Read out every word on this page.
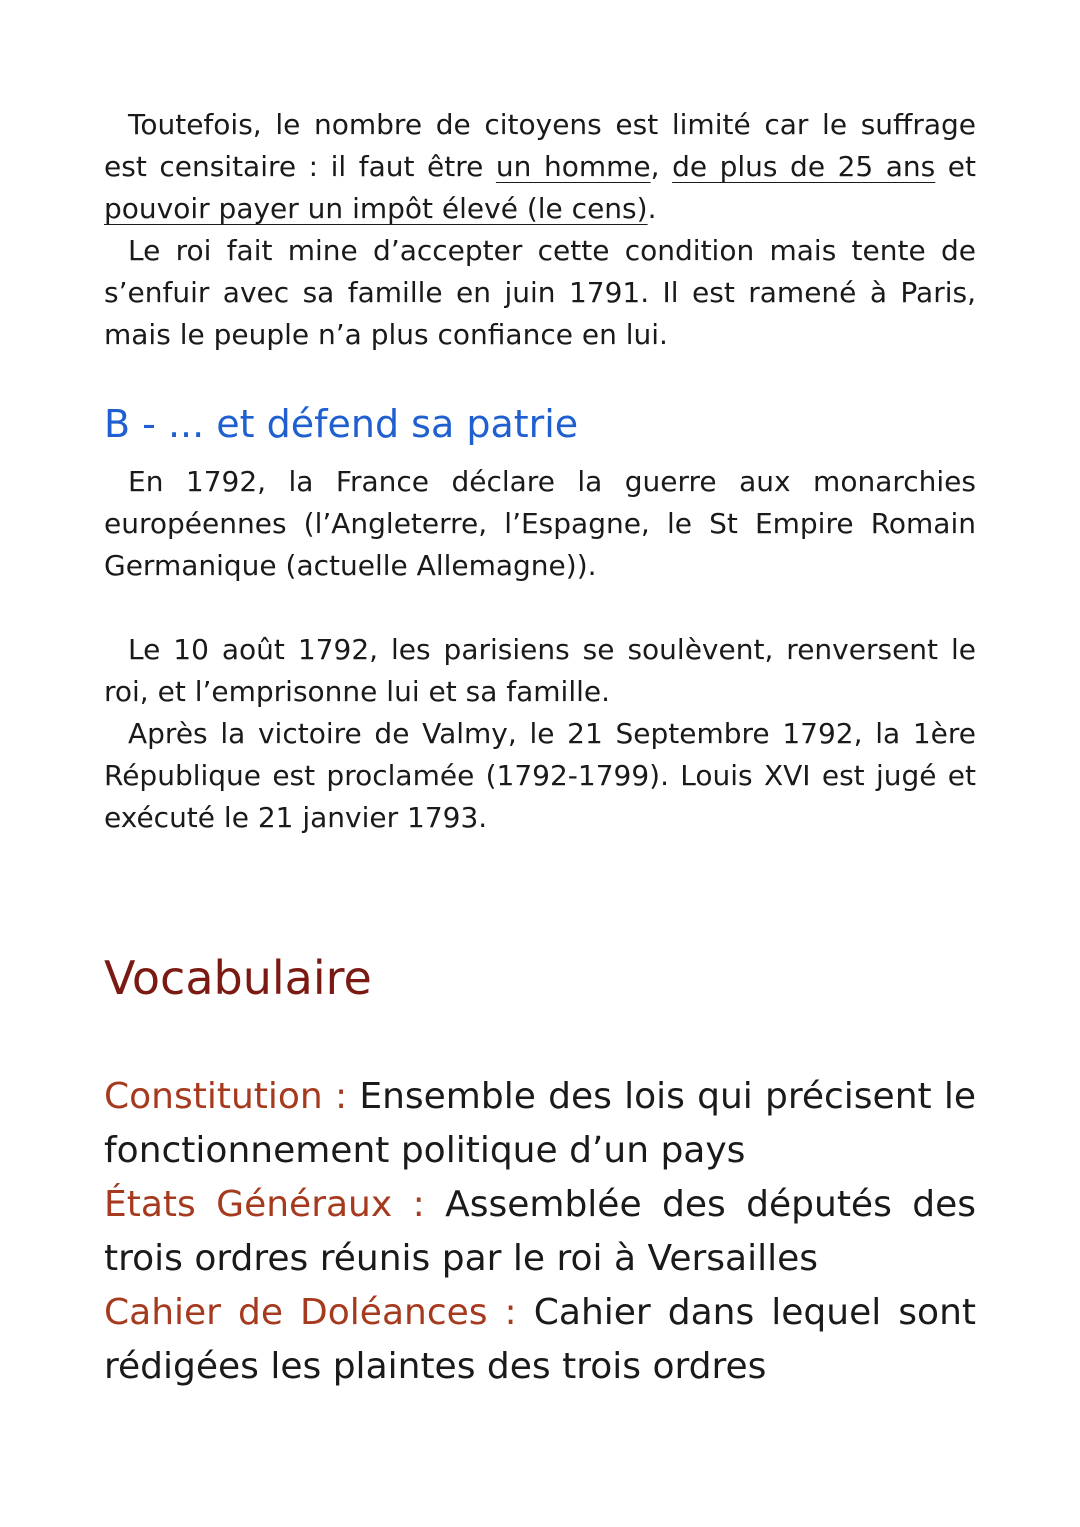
Toutefois, le nombre de citoyens est limité car le suffrage est censitaire : il faut être un homme, de plus de 25 ans et pouvoir payer un impôt élevé (le cens).

Le roi fait mine d’accepter cette condition mais tente de s’enfuir avec sa famille en juin 1791. Il est ramené à Paris, mais le peuple n’a plus confiance en lui.

B - ... et défend sa patrie

En 1792, la France déclare la guerre aux monarchies européennes (l’Angleterre, l’Espagne, le St Empire Romain Germanique (actuelle Allemagne)).

Le 10 août 1792, les parisiens se soulèvent, renversent le roi, et l’emprisonne lui et sa famille.

Après la victoire de Valmy, le 21 Septembre 1792, la 1ère République est proclamée (1792-1799). Louis XVI est jugé et exécuté le 21 janvier 1793.

Vocabulaire

Constitution : Ensemble des lois qui précisent le fonctionnement politique d’un pays

États Généraux : Assemblée des députés des trois ordres réunis par le roi à Versailles

Cahier de Doléances : Cahier dans lequel sont rédigées les plaintes des trois ordres
